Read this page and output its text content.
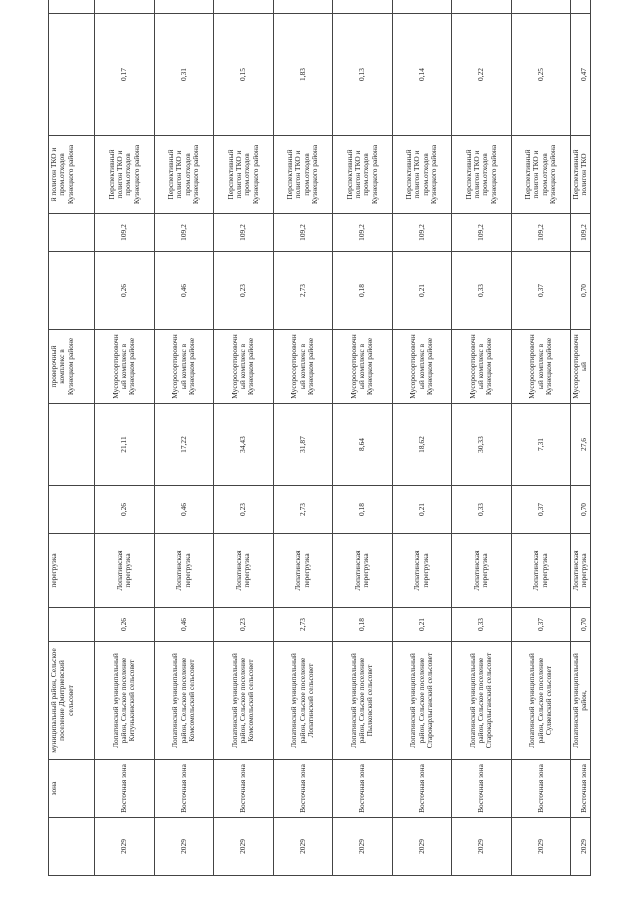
	зона	муниципальный район, Сельское поселение Дмитриевский сельсовет		перегрузка			проверочный комплекс в Кузнецком районе			й полигон ТКО и пром.отходов Кузнецкого района		
2029	Восточная зона	Лопатинский муниципальный район, Сельское поселение Китунькинский сельсовет	0,26	Лопатинская перегрузка	0,26	21,11	Мусоросортировочный комплекс в Кузнецком районе	0,26	109,2	Перспективный полигон ТКО и пром.отходов Кузнецкого района	0,17	
2029	Восточная зона	Лопатинский муниципальный район, Сельское поселение Комсомольский сельсовет	0,46	Лопатинская перегрузка	0,46	17,22	Мусоросортировочный комплекс в Кузнецком районе	0,46	109,2	Перспективный полигон ТКО и пром.отходов Кузнецкого района	0,31	
2029	Восточная зона	Лопатинский муниципальный район, Сельское поселение Комсомольский сельсовет	0,23	Лопатинская перегрузка	0,23	34,43	Мусоросортировочный комплекс в Кузнецком районе	0,23	109,2	Перспективный полигон ТКО и пром.отходов Кузнецкого района	0,15	
2029	Восточная зона	Лопатинский муниципальный район, Сельское поселение Лопатинский сельсовет	2,73	Лопатинская перегрузка	2,73	31,87	Мусоросортировочный комплекс в Кузнецком районе	2,73	109,2	Перспективный полигон ТКО и пром.отходов Кузнецкого района	1,83	
2029	Восточная зона	Лопатинский муниципальный район, Сельское поселение Пылковский сельсовет	0,18	Лопатинская перегрузка	0,18	8,64	Мусоросортировочный комплекс в Кузнецком районе	0,18	109,2	Перспективный полигон ТКО и пром.отходов Кузнецкого района	0,13	
2029	Восточная зона	Лопатинский муниципальный район, Сельское поселение Старокарлыганский сельсовет	0,21	Лопатинская перегрузка	0,21	18,62	Мусоросортировочный комплекс в Кузнецком районе	0,21	109,2	Перспективный полигон ТКО и пром.отходов Кузнецкого района	0,14	
2029	Восточная зона	Лопатинский муниципальный район, Сельское поселение Старокарлыганский сельсовет	0,33	Лопатинская перегрузка	0,33	30,33	Мусоросортировочный комплекс в Кузнецком районе	0,33	109,2	Перспективный полигон ТКО и пром.отходов Кузнецкого района	0,22	
2029	Восточная зона	Лопатинский муниципальный район, Сельское поселение Суляевский сельсовет	0,37	Лопатинская перегрузка	0,37	7,31	Мусоросортировочный комплекс в Кузнецком районе	0,37	109,2	Перспективный полигон ТКО и пром.отходов Кузнецкого района	0,25	
2029	Восточная зона	Лопатинский муниципальный район,	0,70	Лопатинская перегрузка	0,70	27,6	Мусоросортировочный	0,70	109,2	Перспективный полигон ТКО	0,47	
